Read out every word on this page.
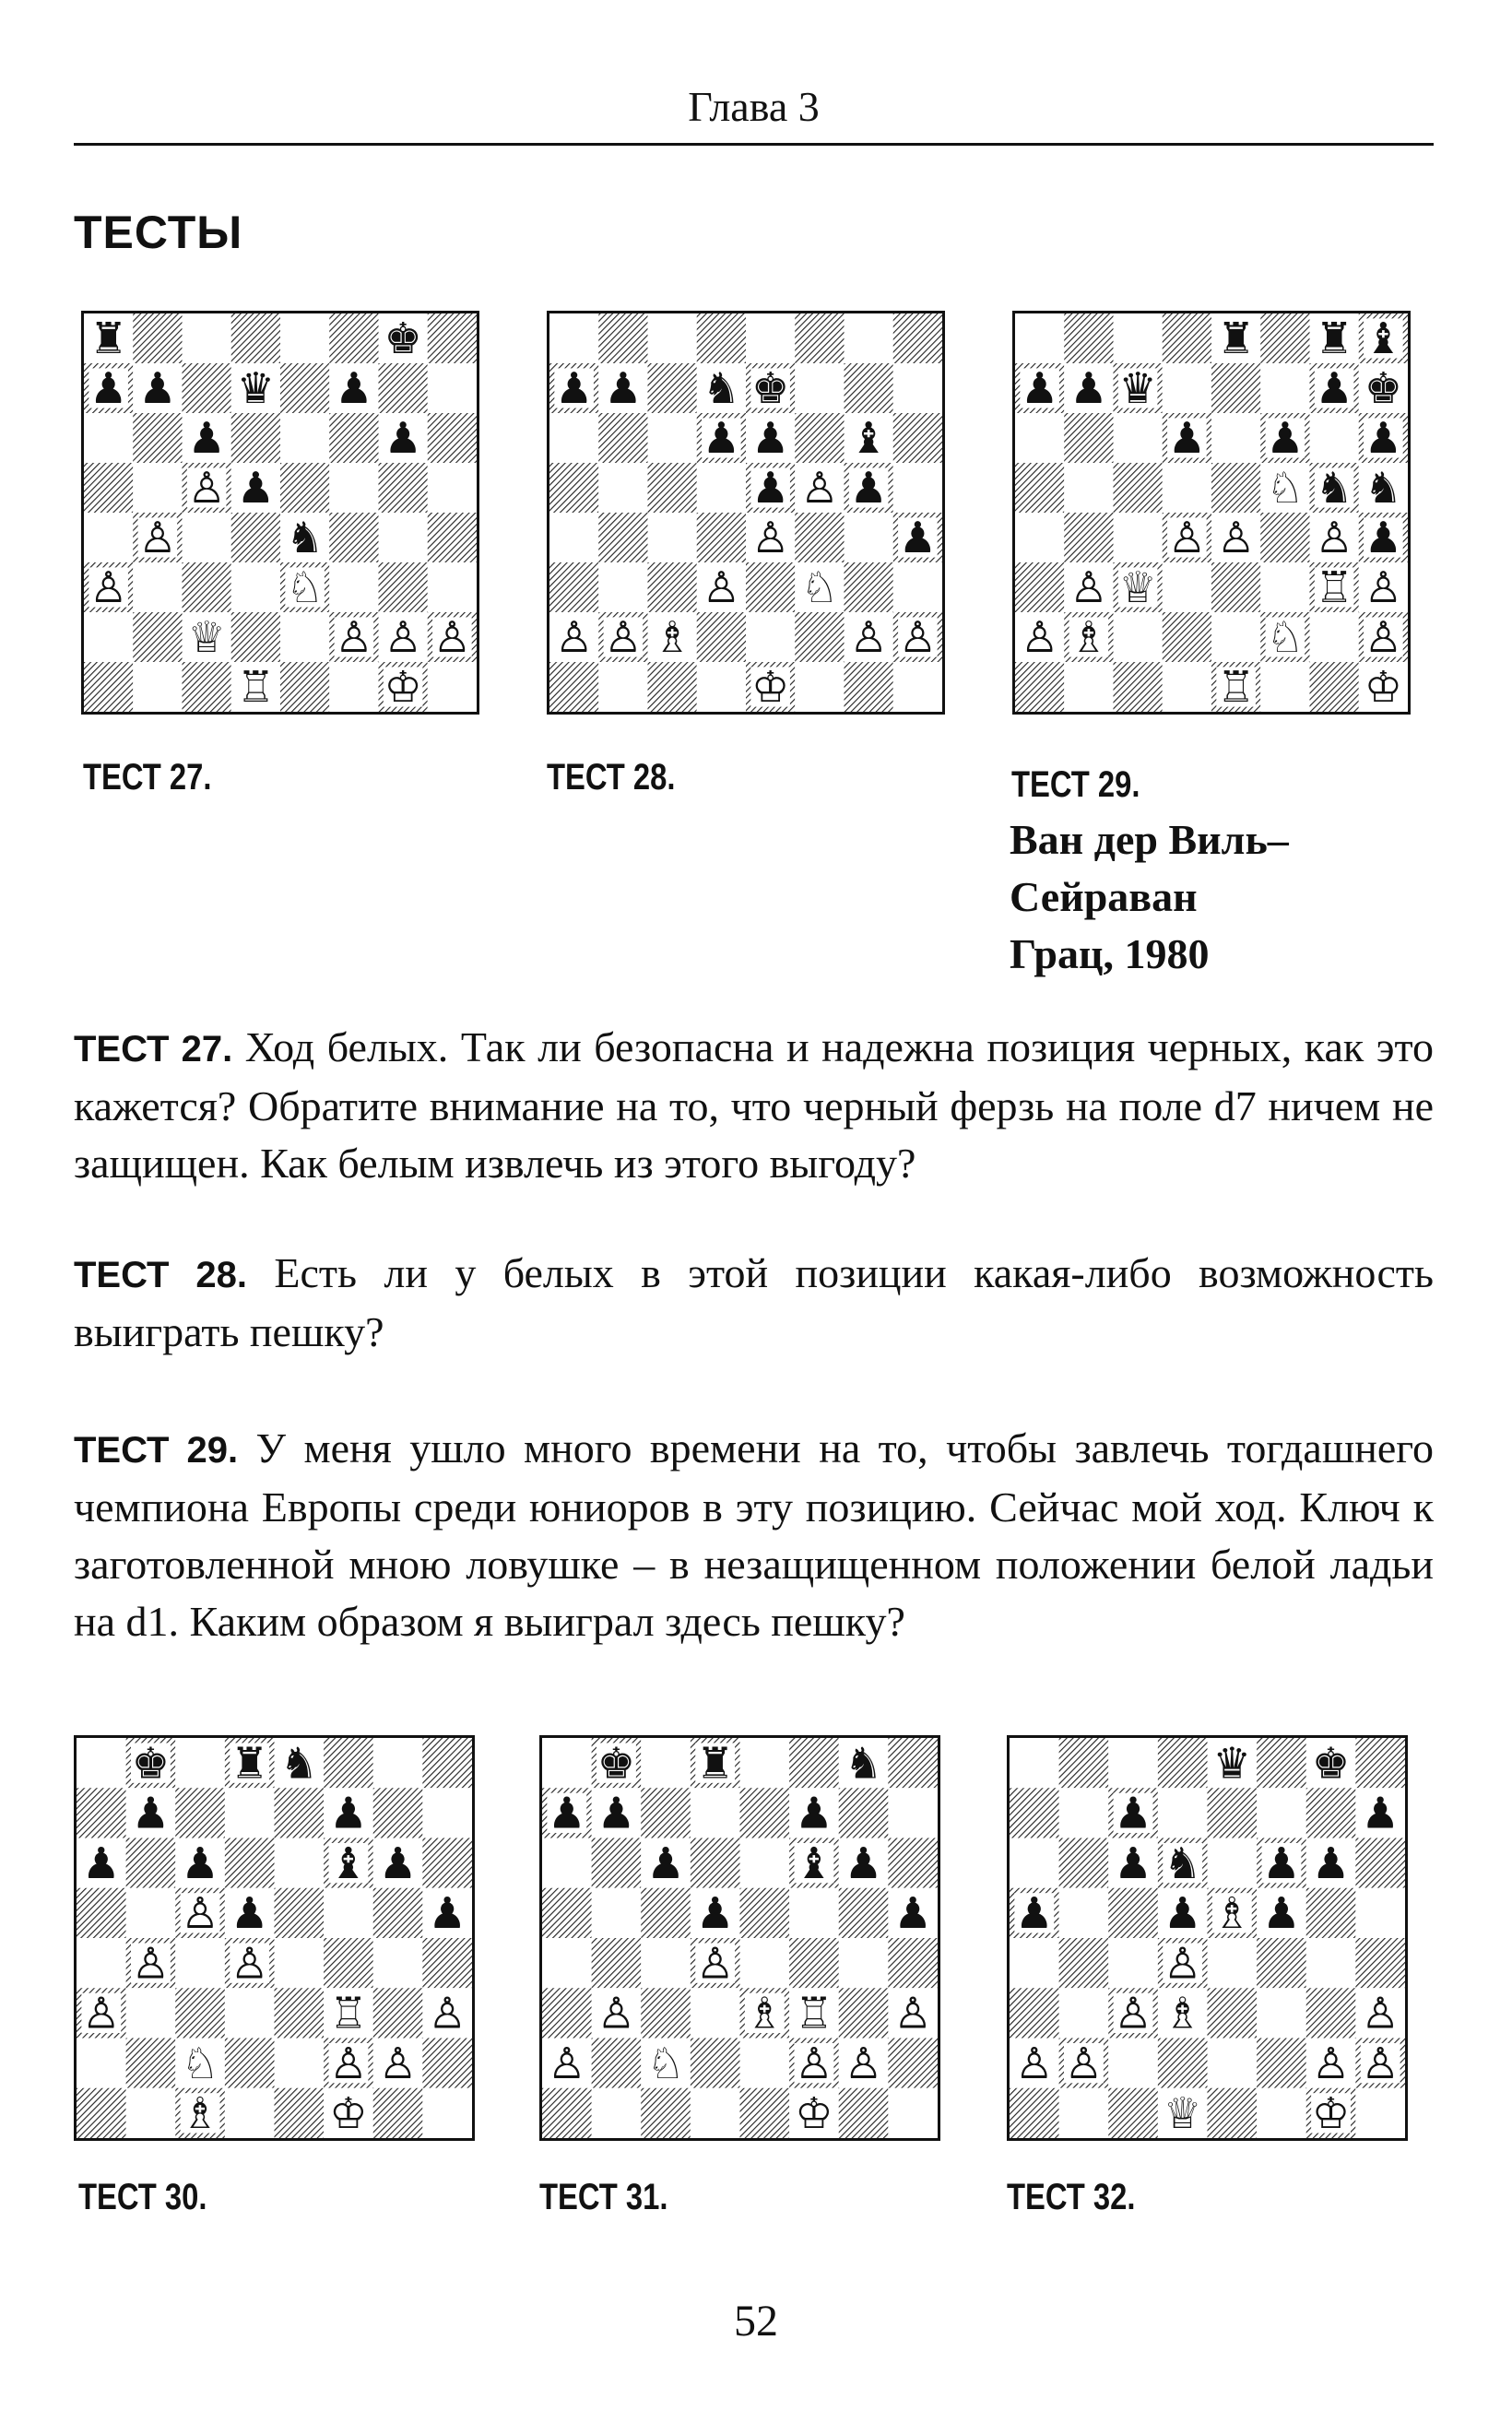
Глава 3
ТЕСТЫ
♜	♚
♟ ♟ ♛ ♟
♟ ♟
♙ ♟
♙ ♞
♙ ♘
♕ ♙ ♙ ♙
♖ ♔
♟ ♟ ♞ ♚
♟ ♟ ♝
♟ ♙ ♟
♙ ♟
♙ ♘
♙ ♙ ♗ ♙ ♙
♔
♜ ♜ ♝
♟ ♟ ♛ ♟ ♚
♟ ♟ ♟
♘ ♞ ♞
♙ ♙ ♙ ♟
♙ ♕ ♖ ♙
♙ ♗ ♘ ♙
♖ ♔
ТЕСТ 27.	ТЕСТ 28.	ТЕСТ 29.
Ван дер Виль–
Сейраван
Грац, 1980
ТЕСТ 27. Ход белых. Так ли безопасна и надежна позиция черных, как это кажется? Обратите внимание на то, что черный ферзь на поле d7 ничем не защищен. Как белым извлечь из этого выгоду?
ТЕСТ 28. Есть ли у белых в этой позиции какая-либо возможность выиграть пешку?
ТЕСТ 29. У меня ушло много времени на то, чтобы завлечь тогдашнего чемпиона Европы среди юниоров в эту позицию. Сейчас мой ход. Ключ к заготовленной мною ловушке – в незащищенном положении белой ладьи на d1. Каким образом я выиграл здесь пешку?
♚ ♜ ♞
♟ ♟
♟ ♟ ♝ ♟
♙ ♟ ♟
♙ ♙
♙	♖ ♙
♘ ♙ ♙
♗ ♔
♚ ♜ ♞
♟ ♟ ♟
♟ ♝ ♟
♟ ♟
♙
♙ ♗ ♖ ♙
♙ ♘ ♙ ♙
♔
♛ ♚
♟	♟
♟ ♞ ♟ ♟
♟ ♟ ♗ ♟
♙
♙ ♗ ♙
♙ ♙	♙ ♙
♕ ♔
ТЕСТ 30.	ТЕСТ 31.	ТЕСТ 32.
52
